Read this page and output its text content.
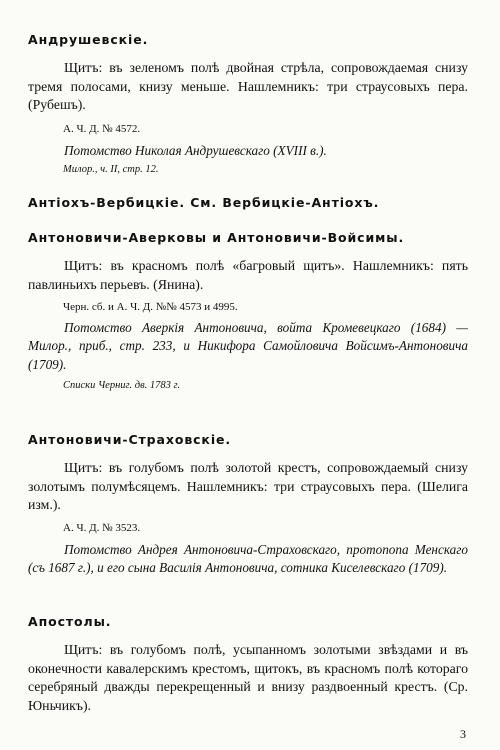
Андрушевскіе.
Щитъ: въ зеленомъ полѣ двойная стрѣла, сопровождаемая снизу тремя полосами, книзу меньше. Нашлемникъ: три страусовыхъ пера. (Рубешъ).
А. Ч. Д. № 4572.
Потомство Николая Андрушевскаго (XVIII в.).
Милор., ч. II, стр. 12.
Антіохъ-Вербицкіе. См. Вербицкіе-Антіохъ.
Антоновичи-Аверковы и Антоновичи-Войсимы.
Щитъ: въ красномъ полѣ «багровый щитъ». Нашлемникъ: пять павлиньихъ перьевъ. (Янина).
Черн. сб. и А. Ч. Д. №№ 4573 и 4995.
Потомство Аверкія Антоновича, войта Кромевецкаго (1684) —Милор., приб., стр. 233, и Никифора Самойловича Войсимъ-Антоновича (1709).
Списки Черниг. дв. 1783 г.
Антоновичи-Страховскіе.
Щитъ: въ голубомъ полѣ золотой крестъ, сопровождаемый снизу золотымъ полумѣсяцемъ. Нашлемникъ: три страусовыхъ пера. (Шелига изм.).
А. Ч. Д. № 3523.
Потомство Андрея Антоновича-Страховскаго, протопопа Менскаго (съ 1687 г.), и его сына Василія Антоновича, сотника Киселевскаго (1709).
Апостолы.
Щитъ: въ голубомъ полѣ, усыпанномъ золотыми звѣздами и въ оконечности кавалерскимъ крестомъ, щитокъ, въ красномъ полѣ котораго серебряный дважды перекрещенный и внизу раздвоенный крестъ. (Ср. Юньчикъ).
3
